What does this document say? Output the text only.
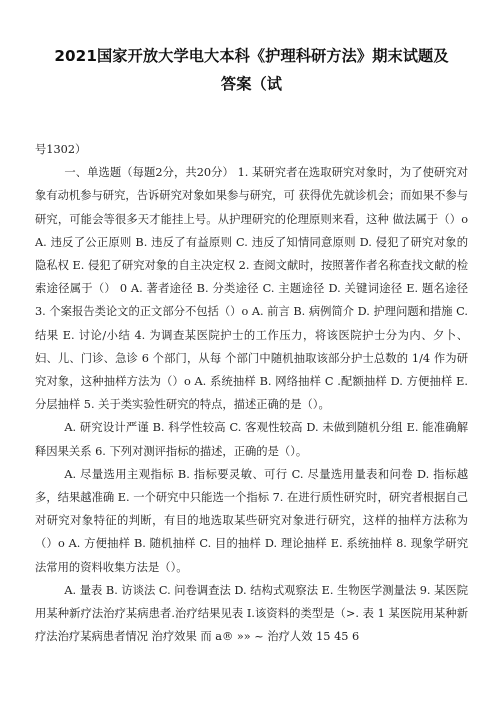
2021国家开放大学电大本科《护理科研方法》期末试题及
答案（试

号1302）

一、单选题（每题2分，共20分） 1. 某研究者在选取研究对象时，为了使研究对象有动机参与研究，告诉研究对象如果参与研究，可 获得优先就诊机会；而如果不参与研究，可能会等很多天才能挂上号。从护理研究的伦理原则来看，这种 做法属于（）o A. 违反了公正原则 B. 违反了有益原则 C. 违反了知情同意原则 D. 侵犯了研究对象的隐私权 E. 侵犯了研究对象的自主决定权 2. 查阅文献时，按照著作者名称查找文献的检索途径属于（） 0 A. 著者途径 B. 分类途径 C. 主题途径 D. 关键词途径 E. 题名途径 3. 个案报告类论文的正文部分不包括（）o A. 前言 B. 病例简介 D. 护理问题和措施 C. 结果 E. 讨论/小结 4. 为调查某医院护士的工作压力，将该医院护士分为内、夕卜、妇、儿、门诊、急诊 6 个部门，从每 个部门中随机抽取该部分护士总数的 1/4 作为研究对象，这种抽样方法为（）o A. 系统抽样 B. 网络抽样 C .配额抽样 D. 方便抽样 E. 分层抽样 5. 关于类实验性研究的特点，描述正确的是（）。

A. 研究设计严谨 B. 科学性较高 C. 客观性较高 D. 未做到随机分组 E. 能准确解释因果关系 6. 下列对测评指标的描述，正确的是（）。

A. 尽量选用主观指标 B. 指标要灵敏、可行 C. 尽量选用量表和问卷 D. 指标越多，结果越准确 E. 一个研究中只能选一个指标 7. 在进行质性研究时，研究者根据自己对研究对象特征的判断，有目的地选取某些研究对象进行研究，这样的抽样方法称为（）o A. 方便抽样 B. 随机抽样 C. 目的抽样 D. 理论抽样 E. 系统抽样 8. 现象学研究法常用的资料收集方法是（）。

A. 量表 B. 访谈法 C. 问卷调查法 D. 结构式观察法 E. 生物医学测量法 9. 某医院用某种新疗法治疗某病患者.治疗结果见表 I.该资料的类型是（>. 表 1 某医院用某种新疗法治疗某病患者情况 治疗效果 而 a® »» ~ 治疗人效 15 45 6
